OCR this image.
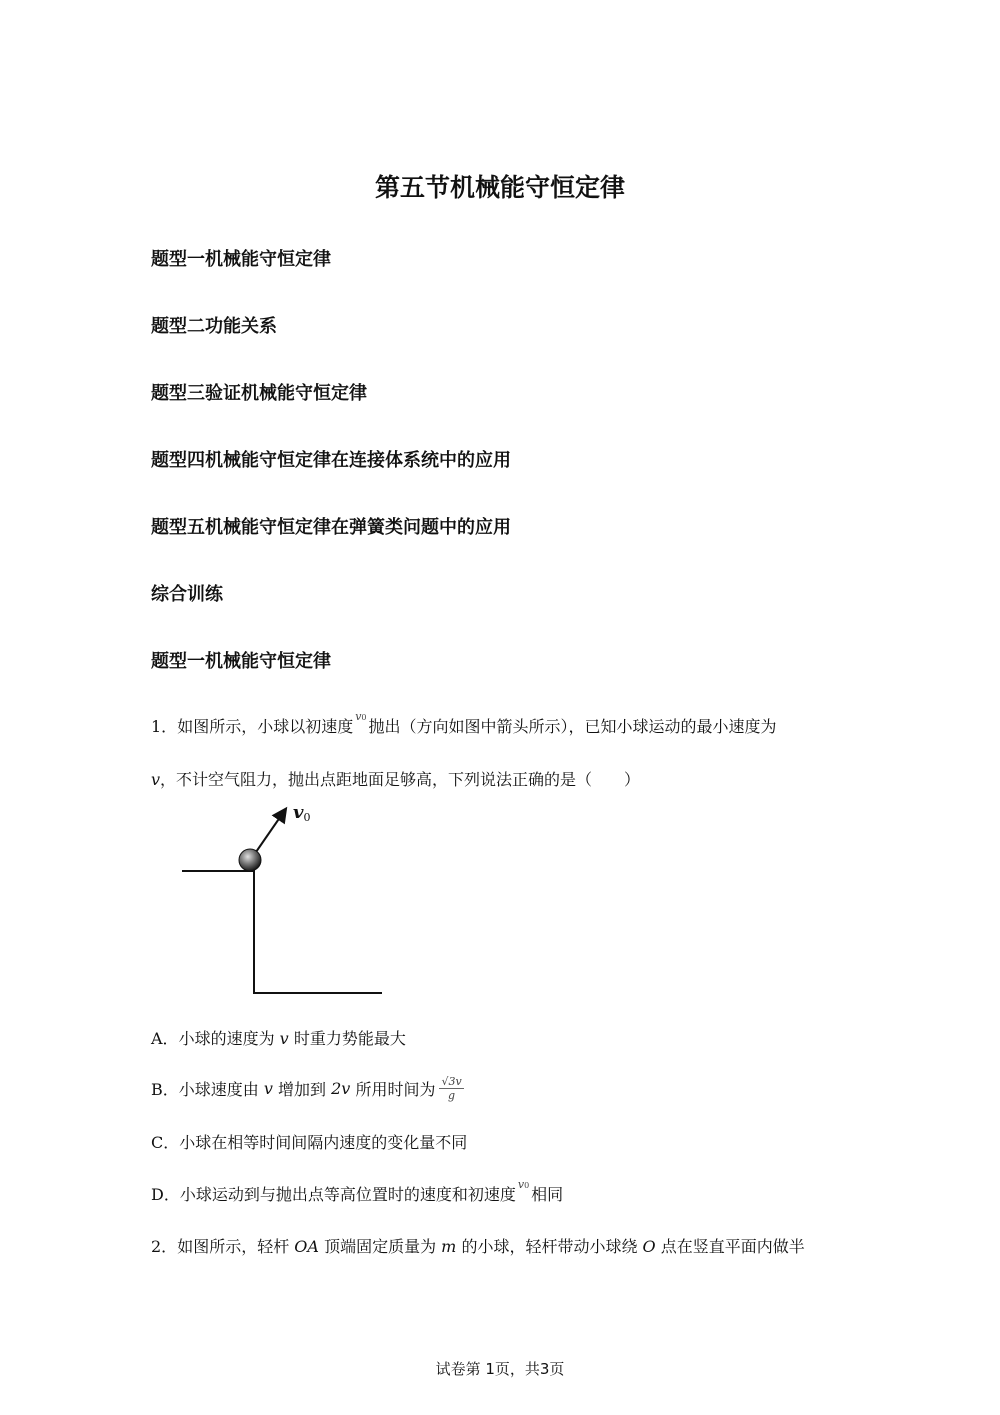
第五节机械能守恒定律
题型一机械能守恒定律
题型二功能关系
题型三验证机械能守恒定律
题型四机械能守恒定律在连接体系统中的应用
题型五机械能守恒定律在弹簧类问题中的应用
综合训练
题型一机械能守恒定律
1．如图所示，小球以初速度v0 抛出（方向如图中箭头所示），已知小球运动的最小速度为
v，不计空气阻力，抛出点距地面足够高，下列说法正确的是（　　）
v0
A．小球的速度为 v 时重力势能最大
B． 小球速度由
v
增加到
2v
所用时间为 $\frac{√3v}{g}$
C．小球在相等时间间隔内速度的变化量不同
D．小球运动到与抛出点等高位置时的速度和初速度v0 相同
2．如图所示，轻杆 OA 顶端固定质量为 m 的小球，轻杆带动小球绕 O 点在竖直平面内做半
试卷第 1页，共3页
